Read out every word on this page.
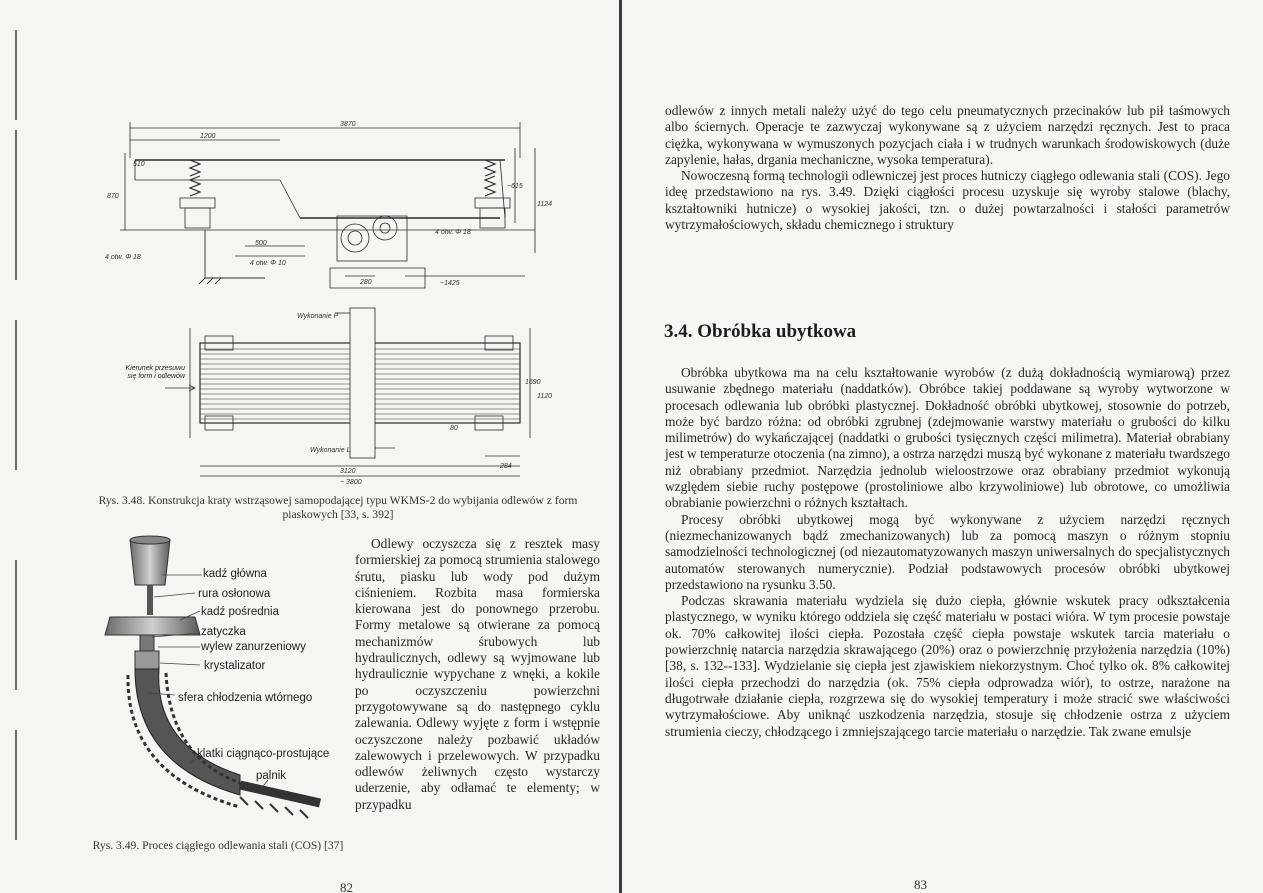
3870
1200
870
510
~615
1124
500
4 otw. Φ 18
4 otw. Φ 18
4 otw. Φ 10
280	~1425
Wykonanie P
Wykonanie L
3120
~ 3800
284
1690
1120
80
Kierunek przesuwu się form i odlewów
Rys. 3.48. Konstrukcja kraty wstrząsowej samopodającej typu WKMS-2 do wybijania odlewów z form piaskowych [33, s. 392]
kadź główna
rura osłonowa
kadź pośrednia
zatyczka
wylew zanurzeniowy
krystalizator
sfera chłodzenia wtórnego
klatki ciągnąco-prostujące
palnik
Rys. 3.49. Proces ciągłego odlewania stali (COS) [37]

Odlewy oczyszcza się z resztek masy formierskiej za pomocą strumienia stalowego śrutu, piasku lub wody pod dużym ciśnieniem. Rozbita masa formierska kierowana jest do ponownego przerobu. Formy metalowe są otwierane za pomocą mechanizmów śrubowych lub hydraulicznych, odlewy są wyjmowane lub hydraulicznie wypychane z wnęki, a kokile po oczyszczeniu powierzchni przygotowywane są do następnego cyklu zalewania. Odlewy wyjęte z form i wstępnie oczyszczone należy pozbawić układów zalewowych i przelewowych. W przypadku odlewów żeliwnych często wystarczy uderzenie, aby odłamać te elementy; w przypadku

82

odlewów z innych metali należy użyć do tego celu pneumatycznych przecinaków lub pił taśmowych albo ściernych. Operacje te zazwyczaj wykonywane są z użyciem narzędzi ręcznych. Jest to praca ciężka, wykonywana w wymuszonych pozycjach ciała i w trudnych warunkach środowiskowych (duże zapylenie, hałas, drgania mechaniczne, wysoka temperatura).

Nowoczesną formą technologii odlewniczej jest proces hutniczy ciągłego odlewania stali (COS). Jego ideę przedstawiono na rys. 3.49. Dzięki ciągłości procesu uzyskuje się wyroby stalowe (blachy, kształtowniki hutnicze) o wysokiej jakości, tzn. o dużej powtarzalności i stałości parametrów wytrzymałościowych, składu chemicznego i struktury

3.4. Obróbka ubytkowa

Obróbka ubytkowa ma na celu kształtowanie wyrobów (z dużą dokładnością wymiarową) przez usuwanie zbędnego materiału (naddatków). Obróbce takiej poddawane są wyroby wytworzone w procesach odlewania lub obróbki plastycznej. Dokładność obróbki ubytkowej, stosownie do potrzeb, może być bardzo różna: od obróbki zgrubnej (zdejmowanie warstwy materiału o grubości do kilku milimetrów) do wykańczającej (naddatki o grubości tysięcznych części milimetra). Materiał obrabiany jest w temperaturze otoczenia (na zimno), a ostrza narzędzi muszą być wykonane z materiału twardszego niż obrabiany przedmiot. Narzędzia jednolub wieloostrzowe oraz obrabiany przedmiot wykonują względem siebie ruchy postępowe (prostoliniowe albo krzywoliniowe) lub obrotowe, co umożliwia obrabianie powierzchni o różnych kształtach.

Procesy obróbki ubytkowej mogą być wykonywane z użyciem narzędzi ręcznych (niezmechanizowanych bądź zmechanizowanych) lub za pomocą maszyn o różnym stopniu samodzielności technologicznej (od niezautomatyzowanych maszyn uniwersalnych do specjalistycznych automatów sterowanych numerycznie). Podział podstawowych procesów obróbki ubytkowej przedstawiono na rysunku 3.50.

Podczas skrawania materiału wydziela się dużo ciepła, głównie wskutek pracy odkształcenia plastycznego, w wyniku którego oddziela się część materiału w postaci wióra. W tym procesie powstaje ok. 70% całkowitej ilości ciepła. Pozostała część ciepła powstaje wskutek tarcia materiału o powierzchnię natarcia narzędzia skrawającego (20%) oraz o powierzchnię przyłożenia narzędzia (10%) [38, s. 132--133]. Wydzielanie się ciepła jest zjawiskiem niekorzystnym. Choć tylko ok. 8% całkowitej ilości ciepła przechodzi do narzędzia (ok. 75% ciepła odprowadza wiór), to ostrze, narażone na długotrwałe działanie ciepła, rozgrzewa się do wysokiej temperatury i może stracić swe właściwości wytrzymałościowe. Aby uniknąć uszkodzenia narzędzia, stosuje się chłodzenie ostrza z użyciem strumienia cieczy, chłodzącego i zmniejszającego tarcie materiału o narzędzie. Tak zwane emulsje

83
